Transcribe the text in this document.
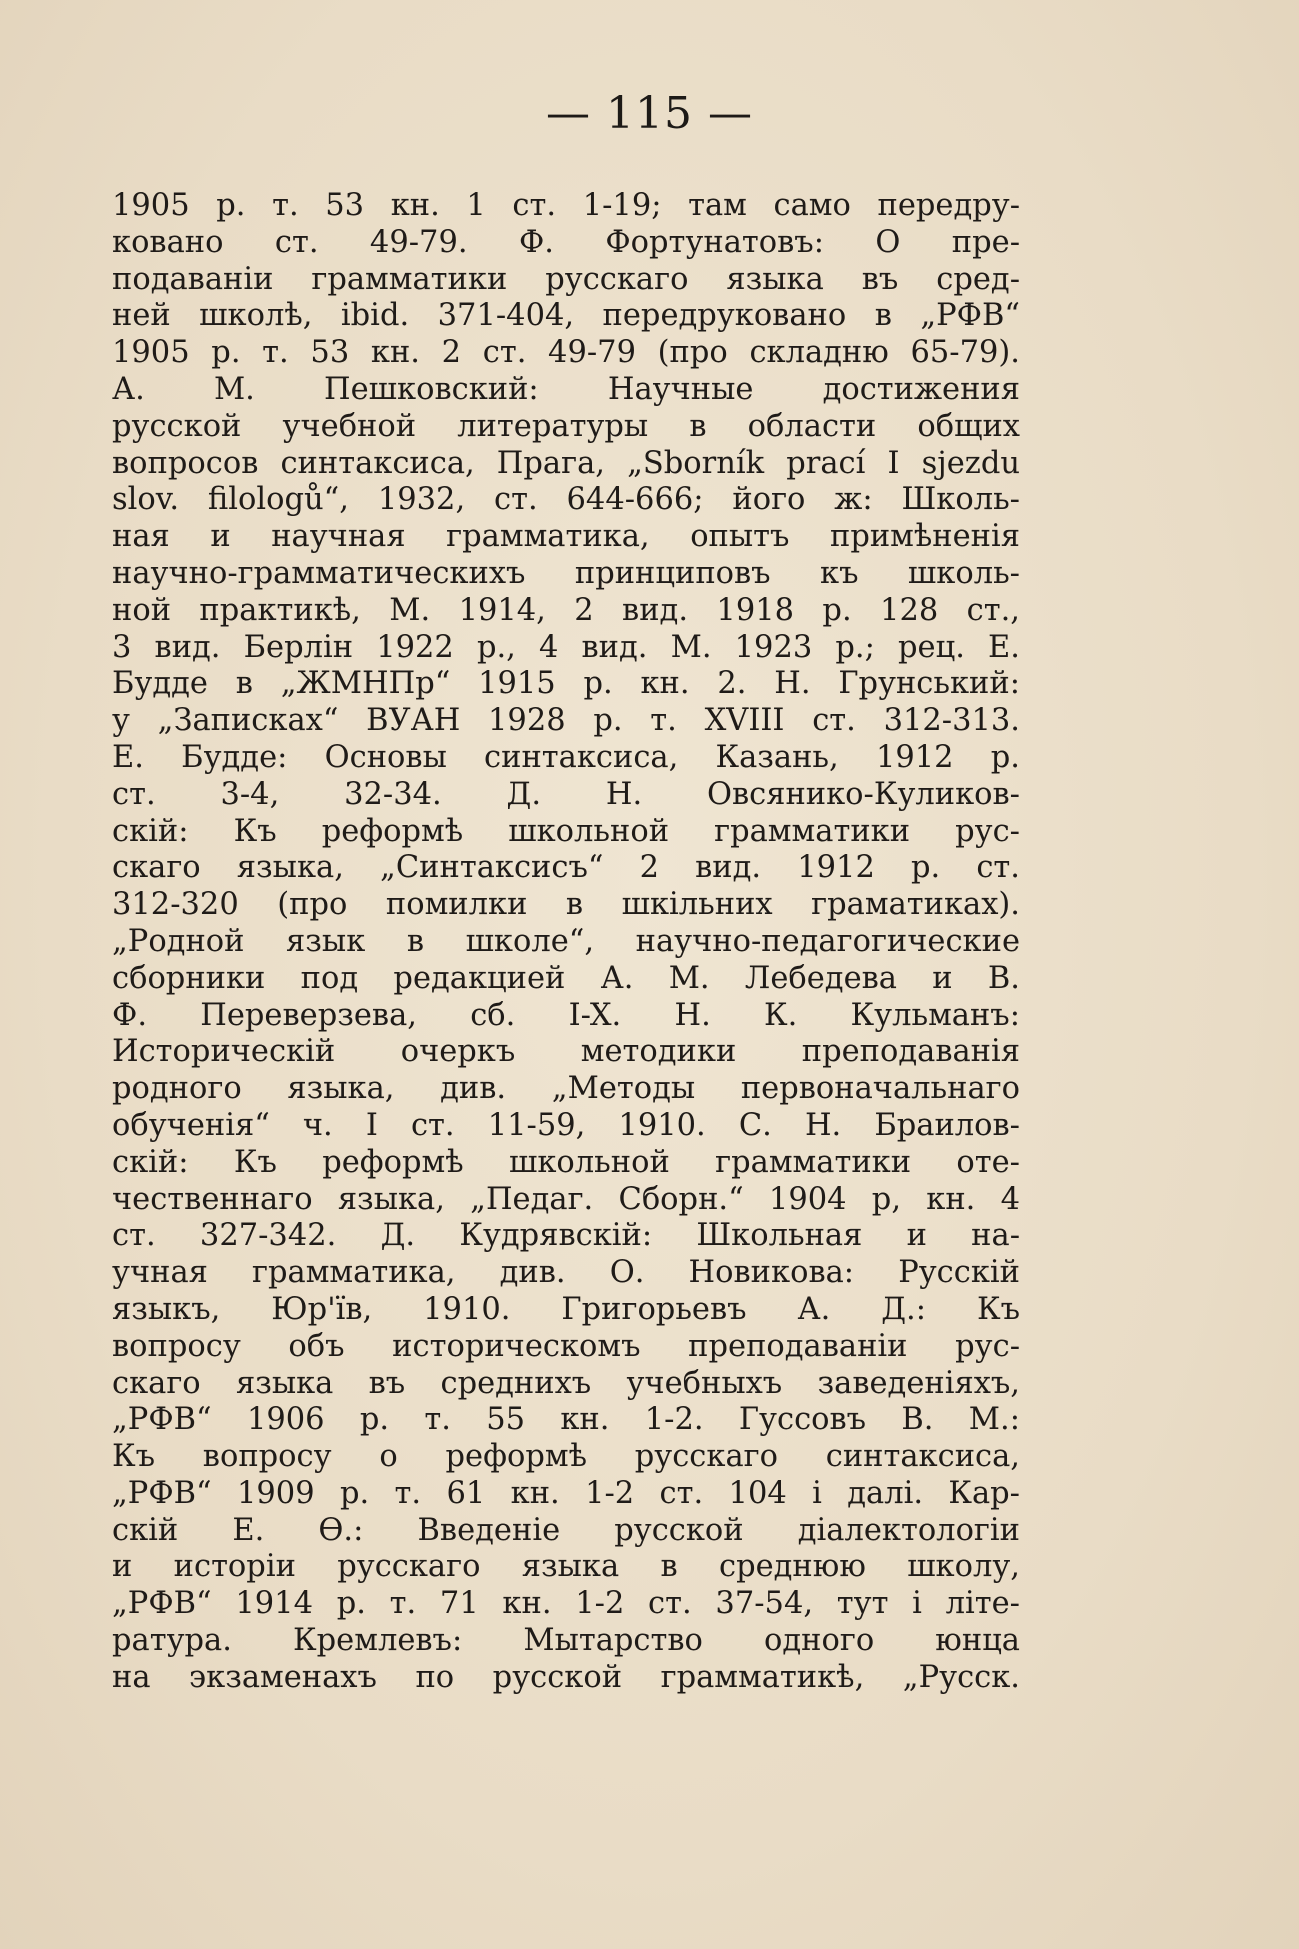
— 115 —
1905 р. т. 53 кн. 1 ст. 1-19; там само передру-
ковано ст. 49-79. Ф. Фортунатовъ: О пре-
подаванiи грамматики русскаго языка въ сред-
ней школѣ, ibid. 371-404, передруковано в „РФВ“
1905 р. т. 53 кн. 2 ст. 49-79 (про складню 65-79).
А. М. Пешковский: Научные достижения
русской учебной литературы в области общих
вопросов синтаксиса, Прага, „Sborník prací I sjezdu
slov. filologů“, 1932, ст. 644-666; його ж: Школь-
ная и научная грамматика, опытъ примѣненiя
научно-грамматическихъ принциповъ къ школь-
ной практикѣ, М. 1914, 2 вид. 1918 р. 128 ст.,
3 вид. Берлін 1922 р., 4 вид. М. 1923 р.; рец. Е.
Будде в „ЖМНПр“ 1915 р. кн. 2. Н. Грунський:
у „Записках“ ВУАН 1928 р. т. XVIII ст. 312-313.
Е. Будде: Основы синтаксиса, Казань, 1912 р.
ст. 3-4, 32-34. Д. Н. Овсянико-Куликов-
скiй: Къ реформѣ школьной грамматики рус-
скаго языка, „Синтаксисъ“ 2 вид. 1912 р. ст.
312-320 (про помилки в шкільних граматиках).
„Родной язык в школе“, научно-педагогические
сборники под редакцией А. М. Лебедева и В.
Ф. Переверзева, сб. I-X. Н. К. Кульманъ:
Историческiй очеркъ методики преподаванiя
родного языка, див. „Методы первоначальнаго
обученiя“ ч. I ст. 11-59, 1910. С. Н. Браилов-
скiй: Къ реформѣ школьной грамматики оте-
чественнаго языка, „Педаг. Сборн.“ 1904 р, кн. 4
ст. 327-342. Д. Кудрявскiй: Школьная и на-
учная грамматика, див. О. Новикова: Русскiй
языкъ, Юр'їв, 1910. Григорьевъ А. Д.: Къ
вопросу объ историческомъ преподаванiи рус-
скаго языка въ среднихъ учебныхъ заведенiяхъ,
„РФВ“ 1906 р. т. 55 кн. 1-2. Гуссовъ В. М.:
Къ вопросу о реформѣ русскаго синтаксиса,
„РФВ“ 1909 р. т. 61 кн. 1-2 ст. 104 і далі. Кар-
скiй Е. Ѳ.: Введенiе русской дiалектологiи
и исторiи русскаго языка в среднюю школу,
„РФВ“ 1914 р. т. 71 кн. 1-2 ст. 37-54, тут і літе-
ратура. Кремлевъ: Мытарство одного юнца
на экзаменахъ по русской грамматикѣ, „Русск.
